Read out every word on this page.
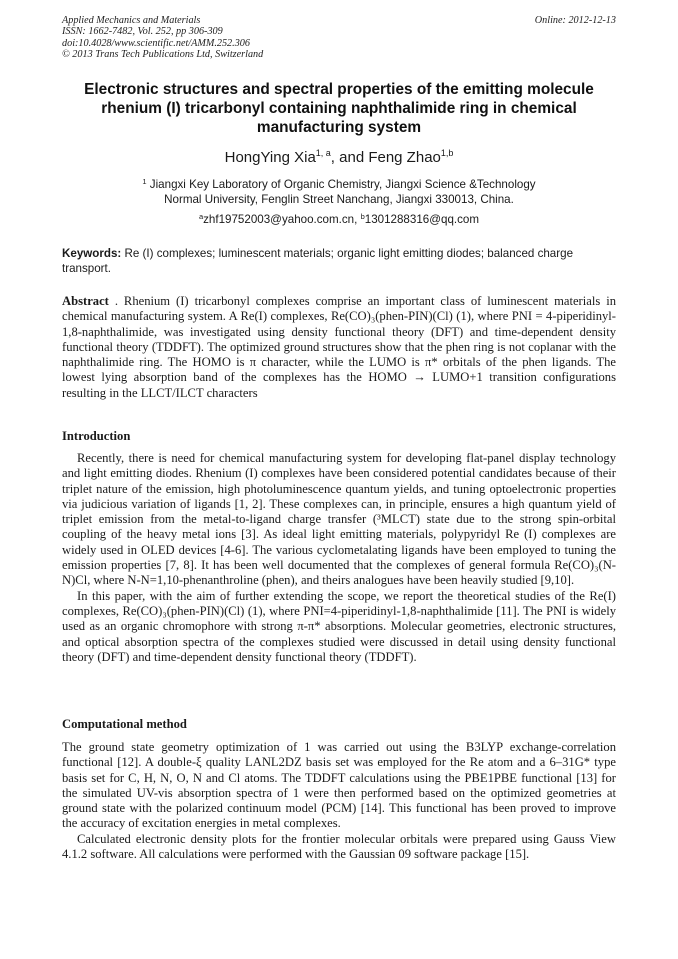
Applied Mechanics and Materials
ISSN: 1662-7482, Vol. 252, pp 306-309
doi:10.4028/www.scientific.net/AMM.252.306
© 2013 Trans Tech Publications Ltd, Switzerland
Online: 2012-12-13
Electronic structures and spectral properties of the emitting molecule rhenium (I) tricarbonyl containing naphthalimide ring in chemical manufacturing system
HongYing Xia$^{1, a}$, and Feng Zhao$^{1,b}$
$^1$ Jiangxi Key Laboratory of Organic Chemistry, Jiangxi Science &Technology
Normal University, Fenglin Street Nanchang, Jiangxi 330013, China.
$^a$zhf19752003@yahoo.com.cn, $^b$1301288316@qq.com
Keywords: Re (I) complexes; luminescent materials; organic light emitting diodes; balanced charge transport.

Abstract . Rhenium (I) tricarbonyl complexes comprise an important class of luminescent materials in chemical manufacturing system. A Re(I) complexes, Re(CO)₃(phen-PIN)(Cl) (1), where PNI = 4-piperidinyl-1,8-naphthalimide, was investigated using density functional theory (DFT) and time-dependent density functional theory (TDDFT). The optimized ground structures show that the phen ring is not coplanar with the naphthalimide ring. The HOMO is π character, while the LUMO is π* orbitals of the phen ligands. The lowest lying absorption band of the complexes has the HOMO → LUMO+1 transition configurations resulting in the LLCT/ILCT characters

Introduction

Recently, there is need for chemical manufacturing system for developing flat-panel display technology and light emitting diodes. Rhenium (I) complexes have been considered potential candidates because of their triplet nature of the emission, high photoluminescence quantum yields, and tuning optoelectronic properties via judicious variation of ligands [1, 2]. These complexes can, in principle, ensures a high quantum yield of triplet emission from the metal-to-ligand charge transfer (³MLCT) state due to the strong spin-orbital coupling of the heavy metal ions [3]. As ideal light emitting materials, polypyridyl Re (I) complexes are widely used in OLED devices [4-6]. The various cyclometalating ligands have been employed to tuning the emission properties [7, 8]. It has been well documented that the complexes of general formula Re(CO)₃(N-N)Cl, where N-N=1,10-phenanthroline (phen), and theirs analogues have been heavily studied [9,10].

In this paper, with the aim of further extending the scope, we report the theoretical studies of the Re(I) complexes, Re(CO)₃(phen-PIN)(Cl) (1), where PNI=4-piperidinyl-1,8-naphthalimide [11]. The PNI is widely used as an organic chromophore with strong π-π* absorptions. Molecular geometries, electronic structures, and optical absorption spectra of the complexes studied were discussed in detail using density functional theory (DFT) and time-dependent density functional theory (TDDFT).

Computational method

The ground state geometry optimization of 1 was carried out using the B3LYP exchange-correlation functional [12]. A double-ξ quality LANL2DZ basis set was employed for the Re atom and a 6–31G* type basis set for C, H, N, O, N and Cl atoms. The TDDFT calculations using the PBE1PBE functional [13] for the simulated UV-vis absorption spectra of 1 were then performed based on the optimized geometries at ground state with the polarized continuum model (PCM) [14]. This functional has been proved to improve the accuracy of excitation energies in metal complexes.

Calculated electronic density plots for the frontier molecular orbitals were prepared using Gauss View 4.1.2 software. All calculations were performed with the Gaussian 09 software package [15].
